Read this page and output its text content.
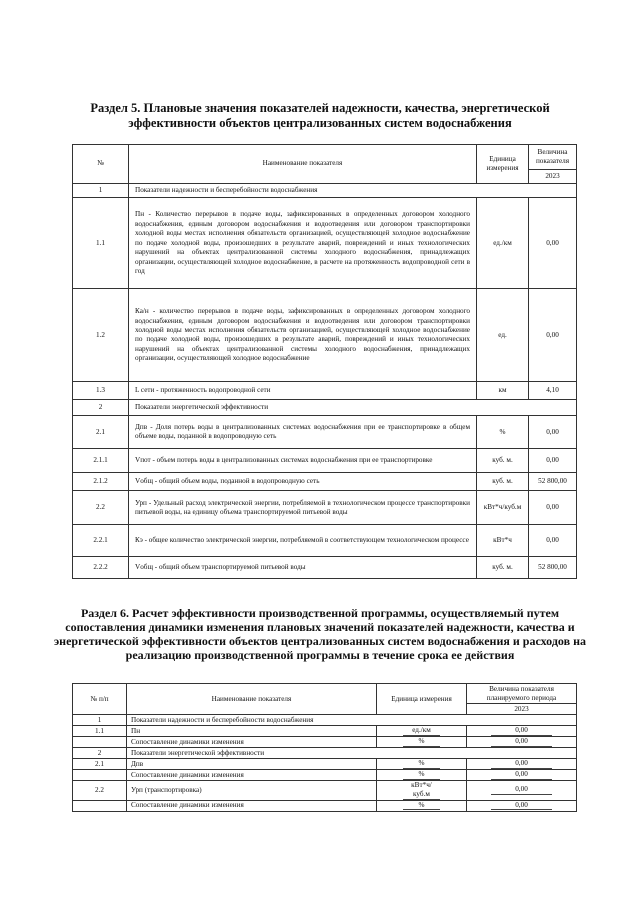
Раздел 5. Плановые значения показателей надежности, качества, энергетической эффективности объектов централизованных систем водоснабжения
№	Наименование показателя	Единица измерения	Величина показателя
			2023
1	Показатели надежности и бесперебойности водоснабжения		
1.1	Пн - Количество перерывов в подаче воды, зафиксированных в определенных договором холодного водоснабжения, единым договором водоснабжения и водоотведения или договором транспортировки холодной воды местах исполнения обязательств организацией, осуществляющей холодное водоснабжение по подаче холодной воды, произошедших в результате аварий, повреждений и иных технологических нарушений на объектах централизованной системы холодного водоснабжения, принадлежащих организации, осуществляющей холодное водоснабжение, в расчете на протяженность водопроводной сети в год	ед./км	0,00
1.2	Ка/н - количество перерывов в подаче воды, зафиксированных в определенных договором холодного водоснабжения, единым договором водоснабжения и водоотведения или договором транспортировки холодной воды местах исполнения обязательств организацией, осуществляющей холодное водоснабжение по подаче холодной воды, произошедших в результате аварий, повреждений и иных технологических нарушений на объектах централизованной системы холодного водоснабжения, принадлежащих организации, осуществляющей холодное водоснабжение	ед.	0,00
1.3	L сети - протяженность водопроводной сети	км	4,10
2	Показатели энергетической эффективности		
2.1	Дпв - Доля потерь воды в централизованных системах водоснабжения при ее транспортировке в общем объеме воды, поданной в водопроводную сеть	%	0,00
2.1.1	Vпот - объем потерь воды в централизованных системах водоснабжения при ее транспортировке	куб. м.	0,00
2.1.2	Vобщ - общий объем воды, поданной в водопроводную сеть	куб. м.	52 800,00
2.2	Урп - Удельный расход электрической энергии, потребляемой в технологическом процессе транспортировки питьевой воды, на единицу объема транспортируемой питьевой воды	кВт*ч/куб.м	0,00
2.2.1	Кэ - общее количество электрической энергии, потребляемой в соответствующем технологическом процессе	кВт*ч	0,00
2.2.2	Vобщ - общий объем транспортируемой питьевой воды	куб. м.	52 800,00
Раздел 6. Расчет эффективности производственной программы, осуществляемый путем сопоставления динамики изменения плановых значений показателей надежности, качества и энергетической эффективности объектов централизованных систем водоснабжения и расходов на реализацию производственной программы в течение срока ее действия
№ п/п	Наименование показателя	Единица измерения	Величина показателя планируемого периода
			2023
1	Показатели надежности и бесперебойности водоснабжения		
1.1	Пн	ед./км	0,00

	Сопоставление динамики изменения	%	0,00

2	Показатели энергетической эффективности		
2.1	Дпв	%	0,00

	Сопоставление динамики изменения	%	0,00

2.2	Урп (транспортировка)	кВт*ч/куб.м	0,00

	Сопоставление динамики изменения	%	0,00
